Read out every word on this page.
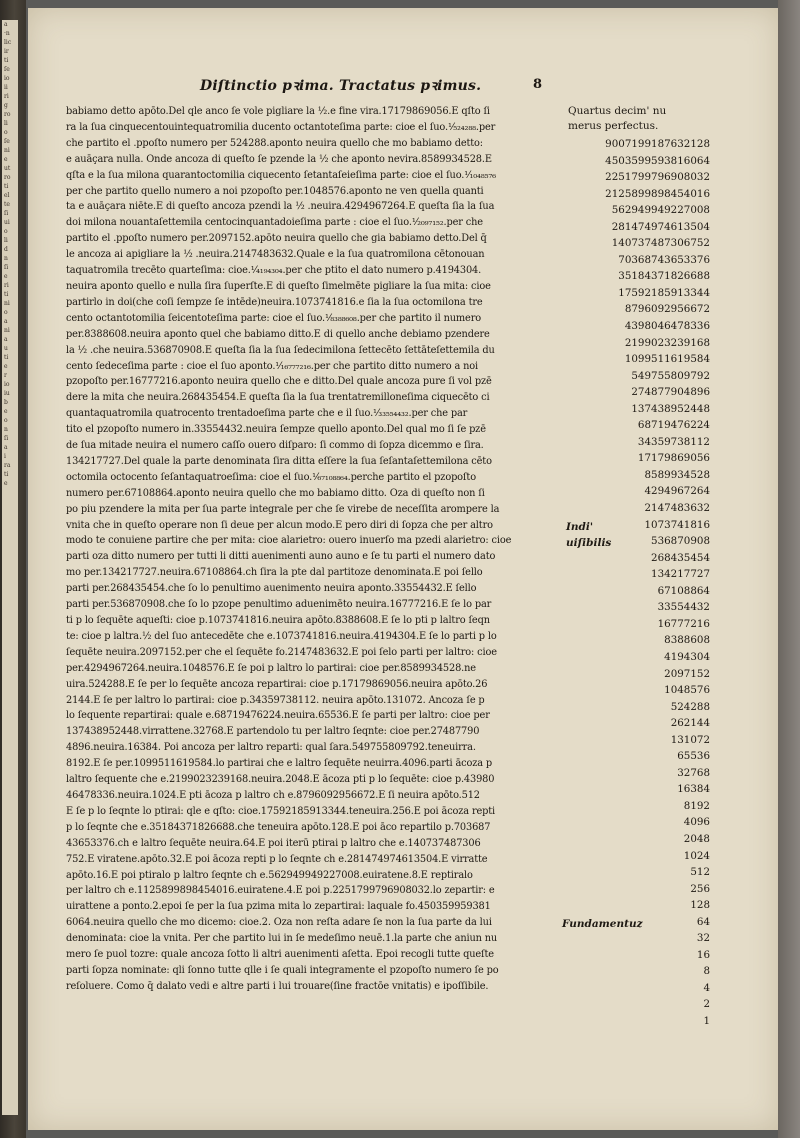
a
·n
lic
ir
ti
ſe
io
ii
ri
g
ro
li
o
ſe
ni
e
ut
ro
ti
el
te
ſi
ui
o
li
d
n
ſi
e
ri
ti
ni
o
a
ni
a
u
ti
e
r
io
iu
b
e
o
n
ſi
a
i
ra
ti
e
Diſtinctio pꝛima. Tractatus pꝛimus.	8
babiamo detto apōto.Del qle anco ſe vole pigliare la ½.e fine vira.17179869056.E qſto ſi
ra la ſua cinquecentouintequatromilia ducento octantoteſima parte: cioe el ſuo.¹⁄₅₂₄₂₈₈.per
che partito el .ppoſto numero per 524288.aponto neuira quello che mo babiamo detto:
e auāçara nulla. Onde ancoza di queſto ſe pzende la ½ che aponto nevira.8589934528.E
qſta e la ſua milona quarantoctomilia ciquecento ſetantaſeieſima parte: cioe el ſuo.¹⁄₁₀₄₈₅₇₆
per che partito quello numero a noi pzopoſto per.1048576.aponto ne ven quella quanti
ta e auāçara niēte.E di queſto ancoza pzendi la ½ .neuira.4294967264.E queſta ſia la ſua
doi milona nouantaſettemila centocinquantadoieſima parte : cioe el ſuo.¹⁄₂₀₉₇₁₅₂.per che
partito el .ppoſto numero per.2097152.apōto neuira quello che gia babiamo detto.Del q̄
le ancoza ai apigliare la ½ .neuira.2147483632.Quale e la ſua quatromilona cētonouan
taquatromila trecēto quarteſima: cioe.¹⁄₄₁₉₄₃₀₄.per che ptito el dato numero p.4194304.
neuira aponto quello e nulla ſira ſuperſte.E di queſto ſimelmēte pigliare la ſua mita: cioe
partirlo in doi(che coſi ſempze ſe intēde)neuira.1073741816.e ſia la ſua octomilona tre
cento octantotomilia ſeicentoteſima parte: cioe el ſuo.¹⁄₈₃₈₈₆₀₈.per che partito il numero
per.8388608.neuira aponto quel che babiamo ditto.E di quello anche debiamo pzendere
la ½ .che neuira.536870908.E queſta ſia la ſua ſedecimilona ſettecēto ſettāteſettemila du
cento ſedeceſima parte : cioe el ſuo aponto.¹⁄₁₆₇₇₇₂₁₆.per che partito ditto numero a noi
pzopoſto per.16777216.aponto neuira quello che e ditto.Del quale ancoza pure ſi vol pzē
dere la mita che neuira.268435454.E queſta ſia la ſua trentatremilloneſima ciquecēto ci
quantaquatromila quatrocento trentadoeſima parte che e il ſuo.¹⁄₃₃₅₅₄₄₃₂.per che par
tito el pzopoſto numero in.33554432.neuira ſempze quello aponto.Del qual mo ſi ſe pzē
de ſua mitade neuira el numero caſſo ouero diſparo: ſi commo di ſopza dicemmo e ſira.
134217727.Del quale la parte denominata ſira ditta eſſere la ſua ſeſantaſettemilona cēto
octomila octocento ſeſantaquatroeſima: cioe el ſuo.¹⁄₆₇₁₀₈₈₆₄.perche partito el pzopoſto
numero per.67108864.aponto neuira quello che mo babiamo ditto. Oza di queſto non ſi
po piu pzendere la mita per ſua parte integrale per che ſe virebe de neceſſita arompere la
vnita che in queſto operare non ſi deue per alcun modo.E pero diri di ſopza che per altro
modo te conuiene partire che per mita: cioe alarietro: ouero inuerſo ma pzedi alarietro: cioe
parti oza ditto numero per tutti li ditti auenimenti auno auno e ſe tu parti el numero dato
mo per.134217727.neuira.67108864.ch ſira la pte dal partitoze denominata.E poi ſello
parti per.268435454.che ſo lo penultimo auenimento neuira aponto.33554432.E ſello
parti per.536870908.che ſo lo pzope penultimo aduenimēto neuira.16777216.E ſe lo par
ti p lo ſequēte aqueſti: cioe p.1073741816.neuira apōto.8388608.E ſe lo pti p laltro ſeqn
te: cioe p laltra.½ del ſuo antecedēte che e.1073741816.neuira.4194304.E ſe lo parti p lo
ſequēte neuira.2097152.per che el ſequēte fo.2147483632.E poi ſelo parti per laltro: cioe
per.4294967264.neuira.1048576.E ſe poi p laltro lo partirai: cioe per.8589934528.ne
uira.524288.E ſe per lo ſequēte ancoza repartirai: cioe p.17179869056.neuira apōto.26
2144.E ſe per laltro lo partirai: cioe p.34359738112. neuira apōto.131072. Ancoza ſe p
lo ſequente repartirai: quale e.68719476224.neuira.65536.E ſe parti per laltro: cioe per
137438952448.virrattene.32768.E partendolo tu per laltro ſeqnte: cioe per.27487790
4896.neuira.16384. Poi ancoza per laltro reparti: qual ſara.549755809792.teneuirra.
8192.E ſe per.1099511619584.lo partirai che e laltro ſequēte neuirra.4096.parti ācoza p
laltro ſequente che e.2199023239168.neuira.2048.E ācoza pti p lo ſequēte: cioe p.43980
46478336.neuira.1024.E pti ācoza p laltro ch e.8796092956672.E ſi neuira apōto.512
E ſe p lo ſeqnte lo ptirai: qle e qſto: cioe.17592185913344.teneuira.256.E poi ācoza repti
p lo ſeqnte che e.35184371826688.che teneuira apōto.128.E poi āco repartilo p.703687
43653376.ch e laltro ſequēte neuira.64.E poi iterū ptirai p laltro che e.140737487306
752.E viratene.apōto.32.E poi ācoza repti p lo ſeqnte ch e.281474974613504.E virratte
apōto.16.E poi ptiralo p laltro ſeqnte ch e.562949949227008.euiratene.8.E reptiralo
per laltro ch e.1125899898454016.euiratene.4.E poi p.2251799796908032.lo zepartir: e
uirattene a ponto.2.epoi ſe per la ſua pzima mita lo zepartirai: laquale fo.450359959381
6064.neuira quello che mo dicemo: cioe.2. Oza non reſta adare ſe non la ſua parte da lui
denominata: cioe la vnita. Per che partito lui in ſe medeſimo neuē.1.la parte che aniun nu
mero ſe puol tozre: quale ancoza ſotto li altri auenimenti aſetta. Epoi recogli tutte queſte
parti ſopza nominate: qli ſonno tutte qlle i ſe quali integramente el pzopoſto numero ſe po
reſoluere. Como q̄ dalato vedi e altre parti i lui trouare(ſine fractōe vnitatis) e ipoſſibile.
Quartus decim' nu
merus perfectus.
9007199187632128
4503599593816064
2251799796908032
2125899898454016
562949949227008
281474974613504
140737487306752
70368743653376
35184371826688
17592185913344
8796092956672
4398046478336
2199023239168
1099511619584
549755809792
274877904896
137438952448
68719476224
34359738112
17179869056
8589934528
4294967264
2147483632
1073741816
536870908
268435454
134217727
67108864
33554432
16777216
8388608
4194304
2097152
1048576
524288
262144
131072
65536
32768
16384
8192
4096
2048
1024
512
256
128
64
32
16
8
4
2
1
Indi'
uiſibilis
Fundamentuz
